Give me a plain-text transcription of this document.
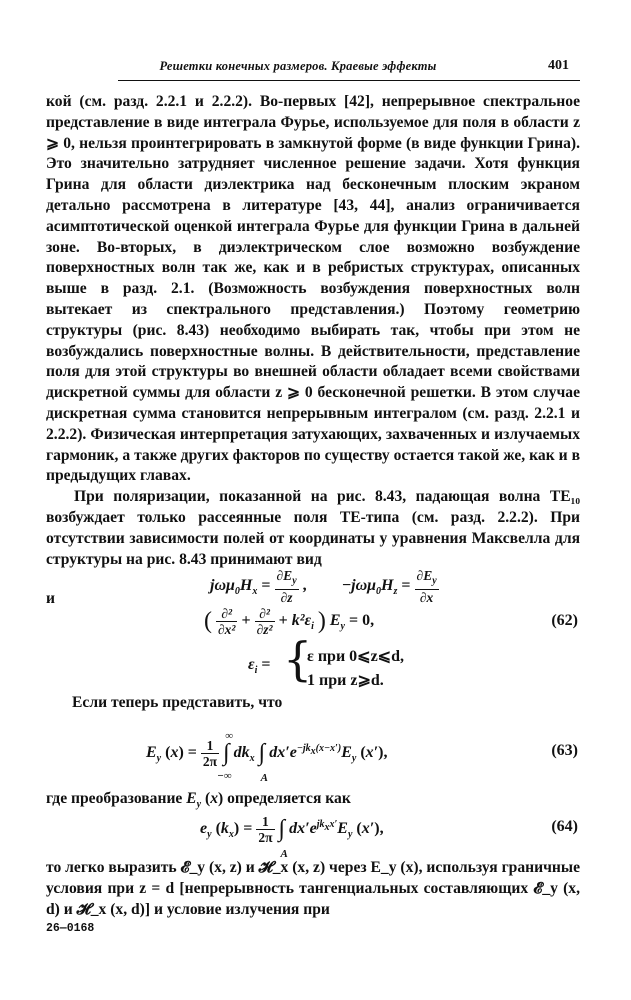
Решетки конечных размеров. Краевые эффекты	401

кой (см. разд. 2.2.1 и 2.2.2). Во-первых [42], непрерывное спектральное представление в виде интеграла Фурье, используемое для поля в области z ⩾ 0, нельзя проинтегрировать в замкнутой форме (в виде функции Грина). Это значительно затрудняет численное решение задачи. Хотя функция Грина для области диэлектрика над бесконечным плоским экраном детально рассмотрена в литературе [43, 44], анализ ограничивается асимптотической оценкой интеграла Фурье для функции Грина в дальней зоне. Во-вторых, в диэлектрическом слое возможно возбуждение поверхностных волн так же, как и в ребристых структурах, описанных выше в разд. 2.1. (Возможность возбуждения поверхностных волн вытекает из спектрального представления.) Поэтому геометрию структуры (рис. 8.43) необходимо выбирать так, чтобы при этом не возбуждались поверхностные волны. В действительности, представление поля для этой структуры во внешней области обладает всеми свойствами дискретной суммы для области z ⩾ 0 бесконечной решетки. В этом случае дискретная сумма становится непрерывным интегралом (см. разд. 2.2.1 и 2.2.2). Физическая интерпретация затухающих, захваченных и излучаемых гармоник, а также других факторов по существу остается такой же, как и в предыдущих главах.

При поляризации, показанной на рис. 8.43, падающая волна TE₁₀ возбуждает только рассеянные поля TE-типа (см. разд. 2.2.2). При отсутствии зависимости полей от координаты y уравнения Максвелла для структуры на рис. 8.43 принимают вид

$j\omega\mu_0H_x = \frac{\partial E_y}{\partial z}$ , $-j\omega\mu_0H_z = \frac{\partial E_y}{\partial x}$
и
( $\frac{\text{∂²}}{\text{∂x²}} + \frac{\text{∂²}}{\text{∂z²}} + k^2\varepsilon_i$ ) $E_y = 0$,	(62)
$\varepsilon_i$ = {
ε при 0⩽z⩽d,
1 при z⩾d.
Если теперь представить, что
$E_y$ $(x) = \frac{1}{2\pi}$ ∫
∞
−∞
$dk_x$ ∫
A
$dx'e^{-jk_x(x-x')}E_y$ (x′),	(63)
где преобразование $E_y$ (x) определяется как
$e_y$ $(k_x) = \frac{1}{2\pi}$ ∫
A
$dx'e^{jk_xx'}E_y$ (x′),	(64)
то легко выразить 𝓔_y (x, z) и 𝓗_x (x, z) через E_y (x), используя граничные условия при z = d [непрерывность тангенциальных составляющих 𝓔_y (x, d) и 𝓗_x (x, d)] и условие излучения при
26—0168
